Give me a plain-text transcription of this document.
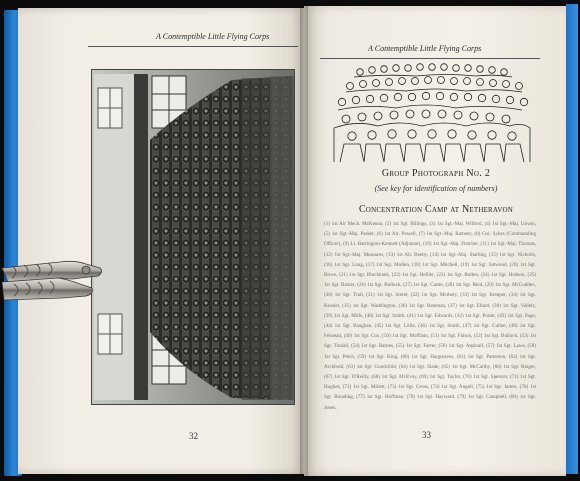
A Contemptible Little Flying Corps
32
A Contemptible Little Flying Corps
Group Photograph No. 2
(See key for identification of numbers)
Concentration Camp at Netheravon
(1) 1st Air Mech. McKenna, (2) 1st Sgt. Billings, (3) 1st Sgt.-Maj. Wilford, (4) 1st Sgt.-Maj. Unwin, (5) 1st Sgt.-Maj. Parker, (6) 1st Air. Powell, (7) 1st Sgt.-Maj. Ramsey, (8) Col. Sykes (Commanding Officer), (9) Lt. Barrington-Kennett (Adjutant), (10) 1st Sgt.-Maj. Fletcher, (11) 1st Sgt.-Maj. Thomas, (12) 1st Sgt.-Maj. Measures, (13) 1st Air. Beeby, (14) 1st Sgt.-Maj. Starling, (15) 1st Sgt. Nicholls, (16) 1st Sgt. Long, (17) 1st Sgt. Mullen, (18) 1st Sgt. Mitchell, (19) 1st Sgt. Satwood, (20) 1st Sgt. Bruce, (21) 1st Sgt. Blockbank, (22) 1st Sgt. Hellier, (23) 1st Sgt. Bullen, (24) 1st Sgt. Hodson, (25) 1st Sgt. Baxter, (26) 1st Sgt. Bullock, (27) 1st Sgt. Carter, (28) 1st Sgt. Reid, (29) 1st Sgt. McCudden, (30) 1st Sgt. Trail, (31) 1st Sgt. Street, (32) 1st Sgt. Mcthery, (33) 1st Sgt. Kemper, (34) 1st Sgt. Kessler, (35) 1st Sgt. Waddington, (36) 1st Sgt. Bateman, (37) 1st Sgt. Ellard, (38) 1st Sgt. Vallely, (39) 1st Sgt. Mills, (40) 1st Sgt. Smith, (41) 1st Sgt. Edwards, (42) 1st Sgt. Porter, (43) 1st Sgt. Page, (44) 1st Sgt. Baughan, (45) 1st Sgt. Little, (46) 1st Sgt. Smith, (47) 1st Sgt. Cullen, (48) 1st Sgt. Felstead, (49) 1st Sgt. Cox, (50) 1st Sgt. Moffram, (51) 1st Sgt. Fulton, (52) 1st Sgt. Bullock, (53) 1st Sgt. Tindall, (54) 1st Sgt. Barnes, (55) 1st Sgt. Farrer, (56) 1st Sgt. Aspinall, (57) 1st Sgt. Laws, (58) 1st Sgt. Petch, (59) 1st Sgt. King, (60) 1st Sgt. Hargreaves, (61) 1st Sgt. Patterson, (62) 1st Sgt. Archbold, (63) 1st Sgt. Goodchild, (64) 1st Sgt. Slade, (65) 1st Sgt. McCarthy, (66) 1st Sgt. Ringer, (67) 1st Sgt. O'Reilly, (68) 1st Sgt. McEvoy, (69) 1st Sgt. Taylor, (70) 1st Sgt. Spencer, (71) 1st Sgt. Hughes, (72) 1st Sgt. Millett, (73) 1st Sgt. Gross, (74) 1st Sgt. Angell, (75) 1st Sgt. James, (76) 1st Sgt. Breading, (77) 1st Sgt. Hoffman, (78) 1st Sgt. Hayward, (79) 1st Sgt. Campbell, (80) 1st Sgt. Jones.
33
